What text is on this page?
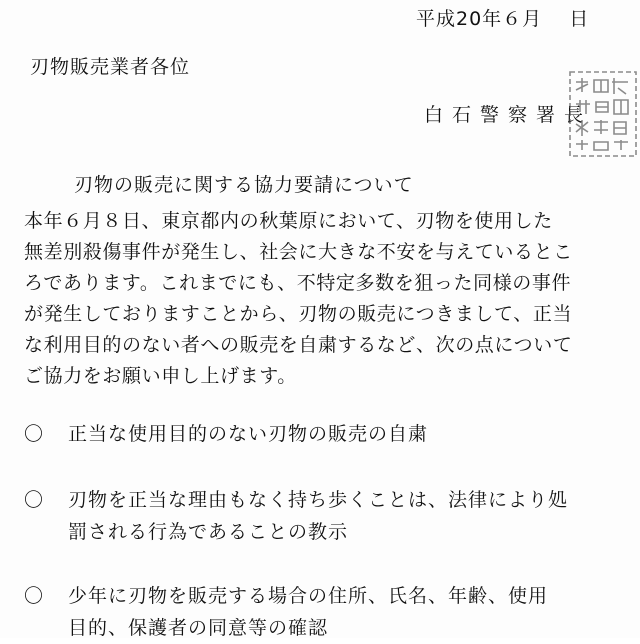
平成20年６月　 日
刃物販売業者各位
白石警察署長
刃物の販売に関する協力要請について
本年６月８日、東京都内の秋葉原において、刃物を使用した
無差別殺傷事件が発生し、社会に大きな不安を与えているとこ
ろであります。これまでにも、不特定多数を狙った同様の事件
が発生しておりますことから、刃物の販売につきまして、正当
な利用目的のない者への販売を自粛するなど、次の点について
ご協力をお願い申し上げます。
〇 正当な使用目的のない刃物の販売の自粛
〇 刃物を正当な理由もなく持ち歩くことは、法律により処
罰される行為であることの教示
〇 少年に刃物を販売する場合の住所、氏名、年齢、使用
目的、保護者の同意等の確認
